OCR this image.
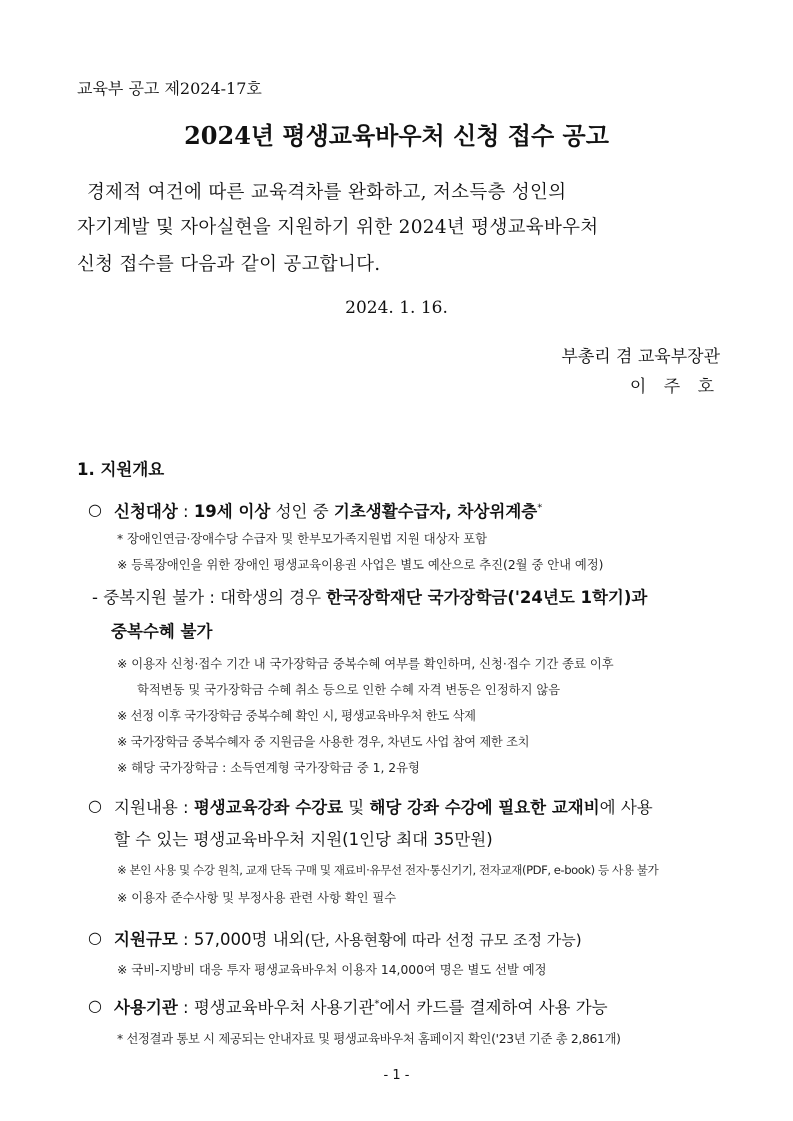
교육부 공고 제2024-17호
2024년 평생교육바우처 신청 접수 공고
경제적 여건에 따른 교육격차를 완화하고, 저소득층 성인의
자기계발 및 자아실현을 지원하기 위한 2024년 평생교육바우처
신청 접수를 다음과 같이 공고합니다.
2024. 1. 16.
부총리 겸 교육부장관
이 주 호
1. 지원개요
○ 신청대상 : 19세 이상 성인 중 기초생활수급자, 차상위계층*
* 장애인연금·장애수당 수급자 및 한부모가족지원법 지원 대상자 포함
※ 등록장애인을 위한 장애인 평생교육이용권 사업은 별도 예산으로 추진(2월 중 안내 예정)
- 중복지원 불가 : 대학생의 경우 한국장학재단 국가장학금('24년도 1학기)과
중복수혜 불가
※ 이용자 신청·접수 기간 내 국가장학금 중복수혜 여부를 확인하며, 신청·접수 기간 종료 이후
학적변동 및 국가장학금 수혜 취소 등으로 인한 수혜 자격 변동은 인정하지 않음
※ 선정 이후 국가장학금 중복수혜 확인 시, 평생교육바우처 한도 삭제
※ 국가장학금 중복수혜자 중 지원금을 사용한 경우, 차년도 사업 참여 제한 조치
※ 해당 국가장학금 : 소득연계형 국가장학금 중 1, 2유형
○ 지원내용 : 평생교육강좌 수강료 및 해당 강좌 수강에 필요한 교재비에 사용
할 수 있는 평생교육바우처 지원(1인당 최대 35만원)
※ 본인 사용 및 수강 원칙, 교재 단독 구매 및 재료비·유무선 전자·통신기기, 전자교재(PDF, e-book) 등 사용 불가
※ 이용자 준수사항 및 부정사용 관련 사항 확인 필수
○ 지원규모 : 57,000명 내외(단, 사용현황에 따라 선정 규모 조정 가능)
※ 국비-지방비 대응 투자 평생교육바우처 이용자 14,000여 명은 별도 선발 예정
○ 사용기관 : 평생교육바우처 사용기관*에서 카드를 결제하여 사용 가능
* 선정결과 통보 시 제공되는 안내자료 및 평생교육바우처 홈페이지 확인('23년 기준 총 2,861개)
- 1 -
